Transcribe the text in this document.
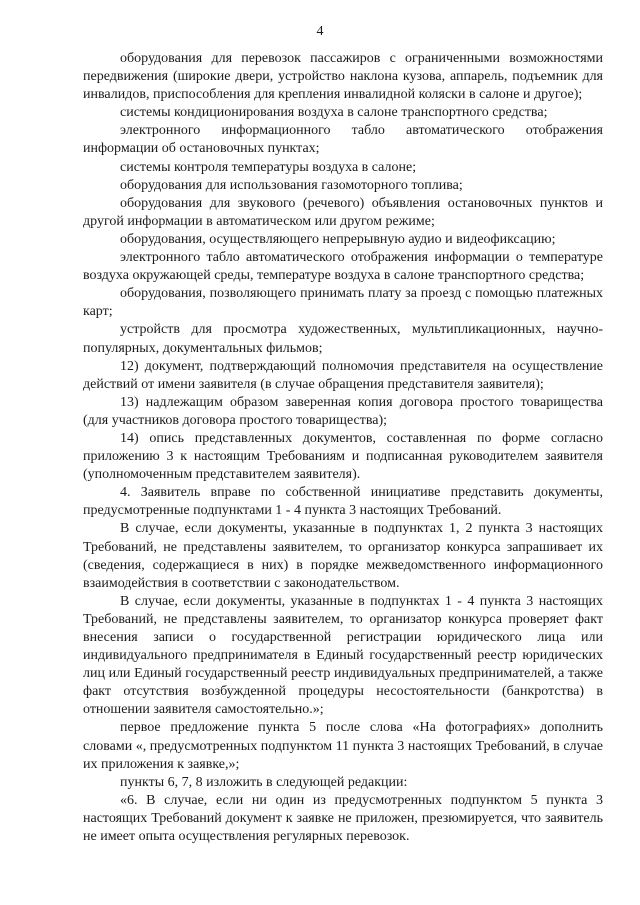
4

оборудования для перевозок пассажиров с ограниченными возможностями передвижения (широкие двери, устройство наклона кузова, аппарель, подъемник для инвалидов, приспособления для крепления инвалидной коляски в салоне и другое);

системы кондиционирования воздуха в салоне транспортного средства;

электронного информационного табло автоматического отображения информации об остановочных пунктах;

системы контроля температуры воздуха в салоне;

оборудования для использования газомоторного топлива;

оборудования для звукового (речевого) объявления остановочных пунктов и другой информации в автоматическом или другом режиме;

оборудования, осуществляющего непрерывную аудио и видеофиксацию;

электронного табло автоматического отображения информации о температуре воздуха окружающей среды, температуре воздуха в салоне транспортного средства;

оборудования, позволяющего принимать плату за проезд с помощью платежных карт;

устройств для просмотра художественных, мультипликационных, научно-популярных, документальных фильмов;

12) документ, подтверждающий полномочия представителя на осуществление действий от имени заявителя (в случае обращения представителя заявителя);

13) надлежащим образом заверенная копия договора простого товарищества (для участников договора простого товарищества);

14) опись представленных документов, составленная по форме согласно приложению 3 к настоящим Требованиям и подписанная руководителем заявителя (уполномоченным представителем заявителя).

4. Заявитель вправе по собственной инициативе представить документы, предусмотренные подпунктами 1 - 4 пункта 3 настоящих Требований.

В случае, если документы, указанные в подпунктах 1, 2 пункта 3 настоящих Требований, не представлены заявителем, то организатор конкурса запрашивает их (сведения, содержащиеся в них) в порядке межведомственного информационного взаимодействия в соответствии с законодательством.

В случае, если документы, указанные в подпунктах 1 - 4 пункта 3 настоящих Требований, не представлены заявителем, то организатор конкурса проверяет факт внесения записи о государственной регистрации юридического лица или индивидуального предпринимателя в Единый государственный реестр юридических лиц или Единый государственный реестр индивидуальных предпринимателей, а также факт отсутствия возбужденной процедуры несостоятельности (банкротства) в отношении заявителя самостоятельно.»;

первое предложение пункта 5 после слова «На фотографиях» дополнить словами «, предусмотренных подпунктом 11 пункта 3 настоящих Требований, в случае их приложения к заявке,»;

пункты 6, 7, 8 изложить в следующей редакции:

«6. В случае, если ни один из предусмотренных подпунктом 5 пункта 3 настоящих Требований документ к заявке не приложен, презюмируется, что заявитель не имеет опыта осуществления регулярных перевозок.
